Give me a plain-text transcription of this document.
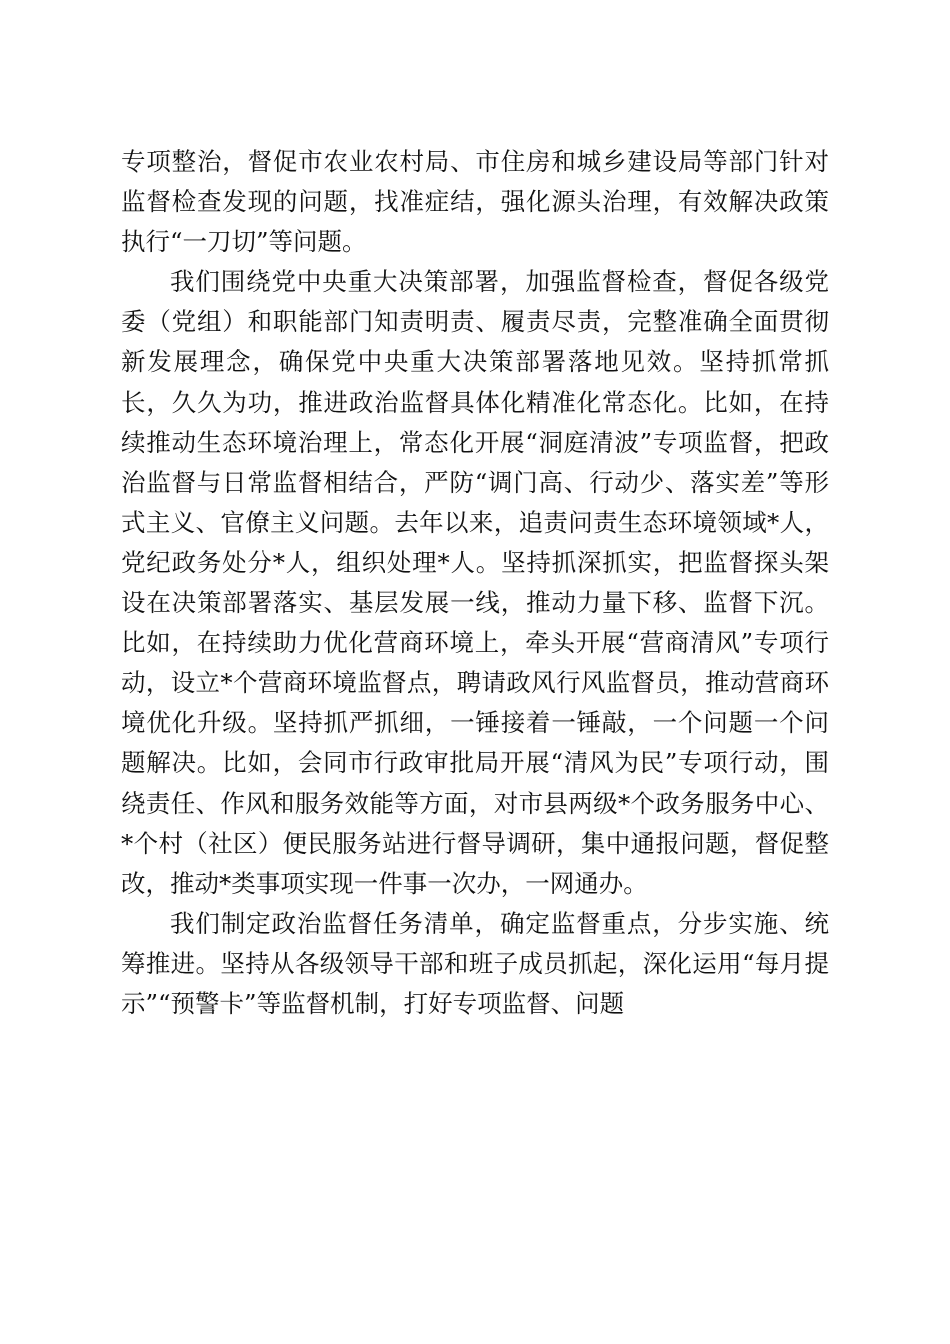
专项整治，督促市农业农村局、市住房和城乡建设局等部门针对监督检查发现的问题，找准症结，强化源头治理，有效解决政策执行“一刀切”等问题。

我们围绕党中央重大决策部署，加强监督检查，督促各级党委（党组）和职能部门知责明责、履责尽责，完整准确全面贯彻新发展理念，确保党中央重大决策部署落地见效。坚持抓常抓长，久久为功，推进政治监督具体化精准化常态化。比如，在持续推动生态环境治理上，常态化开展“洞庭清波”专项监督，把政治监督与日常监督相结合，严防“调门高、行动少、落实差”等形式主义、官僚主义问题。去年以来，追责问责生态环境领域*人，党纪政务处分*人，组织处理*人。坚持抓深抓实，把监督探头架设在决策部署落实、基层发展一线，推动力量下移、监督下沉。比如，在持续助力优化营商环境上，牵头开展“营商清风”专项行动，设立*个营商环境监督点，聘请政风行风监督员，推动营商环境优化升级。坚持抓严抓细，一锤接着一锤敲，一个问题一个问题解决。比如，会同市行政审批局开展“清风为民”专项行动，围绕责任、作风和服务效能等方面，对市县两级*个政务服务中心、*个村（社区）便民服务站进行督导调研，集中通报问题，督促整改，推动*类事项实现一件事一次办，一网通办。

我们制定政治监督任务清单，确定监督重点，分步实施、统筹推进。坚持从各级领导干部和班子成员抓起，深化运用“每月提示”“预警卡”等监督机制，打好专项监督、问题
